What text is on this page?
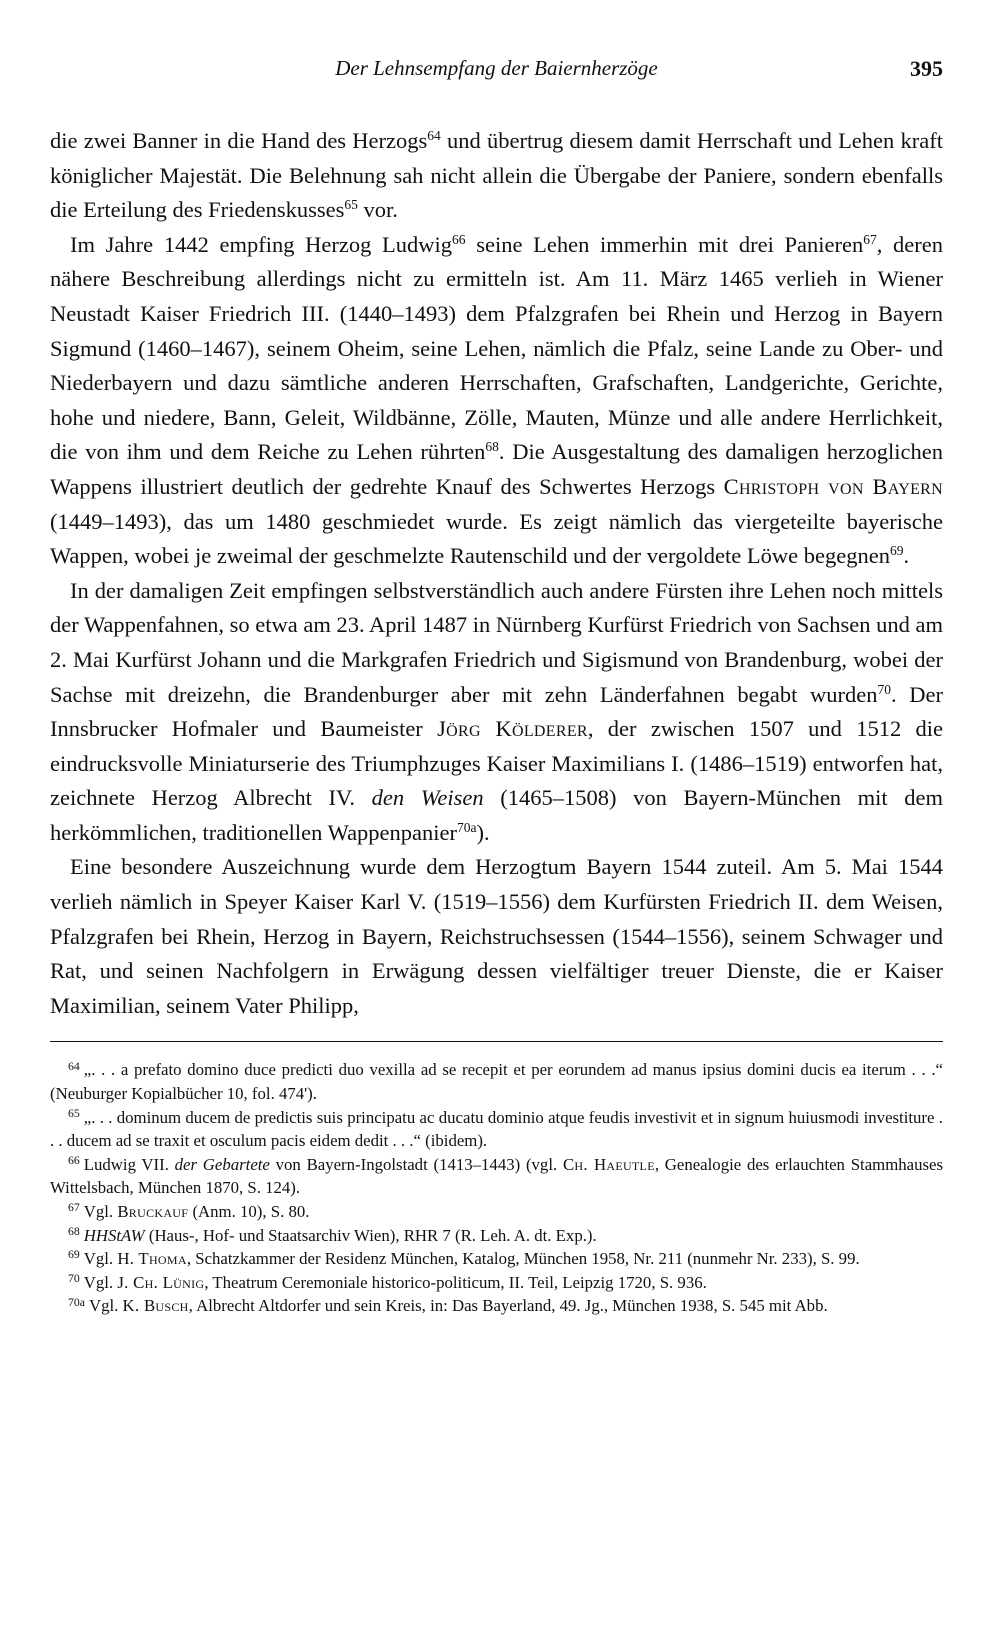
Der Lehnsempfang der Baiernherzöge	395

die zwei Banner in die Hand des Herzogs$^{64}$ und übertrug diesem damit Herrschaft und Lehen kraft königlicher Majestät. Die Belehnung sah nicht allein die Übergabe der Paniere, sondern ebenfalls die Erteilung des Friedenskusses$^{65}$ vor.

Im Jahre 1442 empfing Herzog Ludwig$^{66}$ seine Lehen immerhin mit drei Panieren$^{67}$, deren nähere Beschreibung allerdings nicht zu ermitteln ist. Am 11. März 1465 verlieh in Wiener Neustadt Kaiser Friedrich III. (1440–1493) dem Pfalzgrafen bei Rhein und Herzog in Bayern Sigmund (1460–1467), seinem Oheim, seine Lehen, nämlich die Pfalz, seine Lande zu Ober- und Niederbayern und dazu sämtliche anderen Herrschaften, Grafschaften, Landgerichte, Gerichte, hohe und niedere, Bann, Geleit, Wildbänne, Zölle, Mauten, Münze und alle andere Herrlichkeit, die von ihm und dem Reiche zu Lehen rührten$^{68}$. Die Ausgestaltung des damaligen herzoglichen Wappens illustriert deutlich der gedrehte Knauf des Schwertes Herzogs Christoph von Bayern (1449–1493), das um 1480 geschmiedet wurde. Es zeigt nämlich das viergeteilte bayerische Wappen, wobei je zweimal der geschmelzte Rautenschild und der vergoldete Löwe begegnen$^{69}$.

In der damaligen Zeit empfingen selbstverständlich auch andere Fürsten ihre Lehen noch mittels der Wappenfahnen, so etwa am 23. April 1487 in Nürnberg Kurfürst Friedrich von Sachsen und am 2. Mai Kurfürst Johann und die Markgrafen Friedrich und Sigismund von Brandenburg, wobei der Sachse mit dreizehn, die Brandenburger aber mit zehn Länderfahnen begabt wurden$^{70}$. Der Innsbrucker Hofmaler und Baumeister Jörg Kölderer, der zwischen 1507 und 1512 die eindrucksvolle Miniaturserie des Triumphzuges Kaiser Maximilians I. (1486–1519) entworfen hat, zeichnete Herzog Albrecht IV. den Weisen (1465–1508) von Bayern-München mit dem herkömmlichen, traditionellen Wappenpanier$^{70a}$).

Eine besondere Auszeichnung wurde dem Herzogtum Bayern 1544 zuteil. Am 5. Mai 1544 verlieh nämlich in Speyer Kaiser Karl V. (1519–1556) dem Kurfürsten Friedrich II. dem Weisen, Pfalzgrafen bei Rhein, Herzog in Bayern, Reichstruchsessen (1544–1556), seinem Schwager und Rat, und seinen Nachfolgern in Erwägung dessen vielfältiger treuer Dienste, die er Kaiser Maximilian, seinem Vater Philipp,

$^{64}$ „. . . a prefato domino duce predicti duo vexilla ad se recepit et per eorundem ad manus ipsius domini ducis ea iterum . . .“ (Neuburger Kopialbücher 10, fol. 474').

$^{65}$ „. . . dominum ducem de predictis suis principatu ac ducatu dominio atque feudis investivit et in signum huiusmodi investiture . . . ducem ad se traxit et osculum pacis eidem dedit . . .“ (ibidem).

$^{66}$ Ludwig VII. der Gebartete von Bayern-Ingolstadt (1413–1443) (vgl. Ch. Haeutle, Genealogie des erlauchten Stammhauses Wittelsbach, München 1870, S. 124).

$^{67}$ Vgl. Bruckauf (Anm. 10), S. 80.

$^{68}$ HHStAW (Haus-, Hof- und Staatsarchiv Wien), RHR 7 (R. Leh. A. dt. Exp.).

$^{69}$ Vgl. H. Thoma, Schatzkammer der Residenz München, Katalog, München 1958, Nr. 211 (nunmehr Nr. 233), S. 99.

$^{70}$ Vgl. J. Ch. Lünig, Theatrum Ceremoniale historico-politicum, II. Teil, Leipzig 1720, S. 936.

$^{70a}$ Vgl. K. Busch, Albrecht Altdorfer und sein Kreis, in: Das Bayerland, 49. Jg., München 1938, S. 545 mit Abb.
